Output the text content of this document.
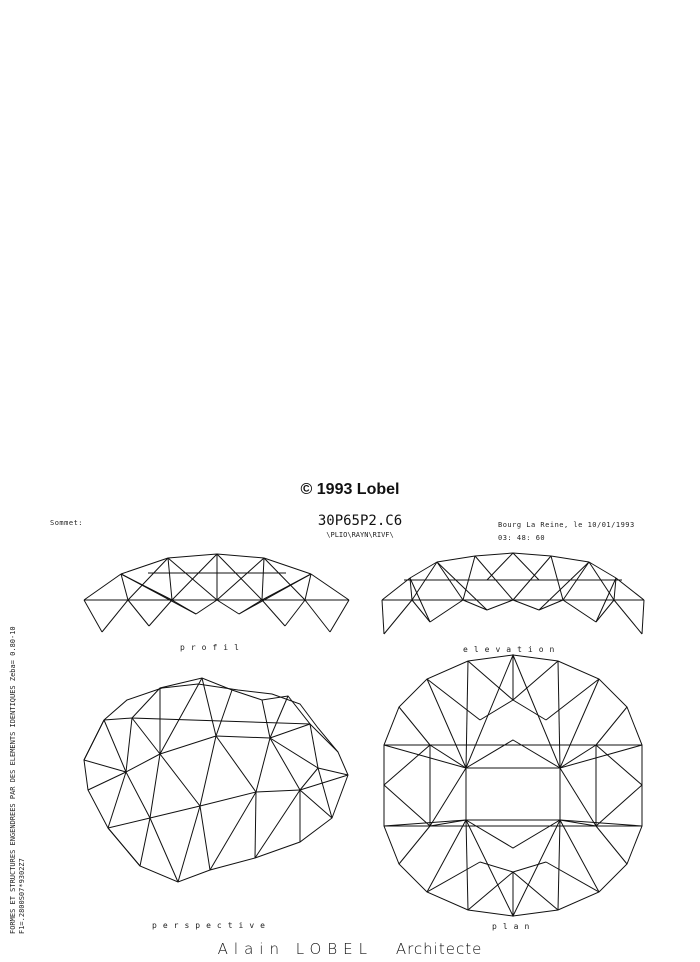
© 1993 Lobel
Sommet:	30P65P2.C6
\PLIO\RAYN\RIVF\
Bourg La Reine, le 10/01/1993
03: 48: 60
FORMES ET STRUCTURES ENGENDREES PAR DES ELEMENTS IDENTIQUES Zeba= 0.80-10 F1=.2800S07*9302Z7
profil	elevation
perspective	plan
Alain LOBEL Architecte
